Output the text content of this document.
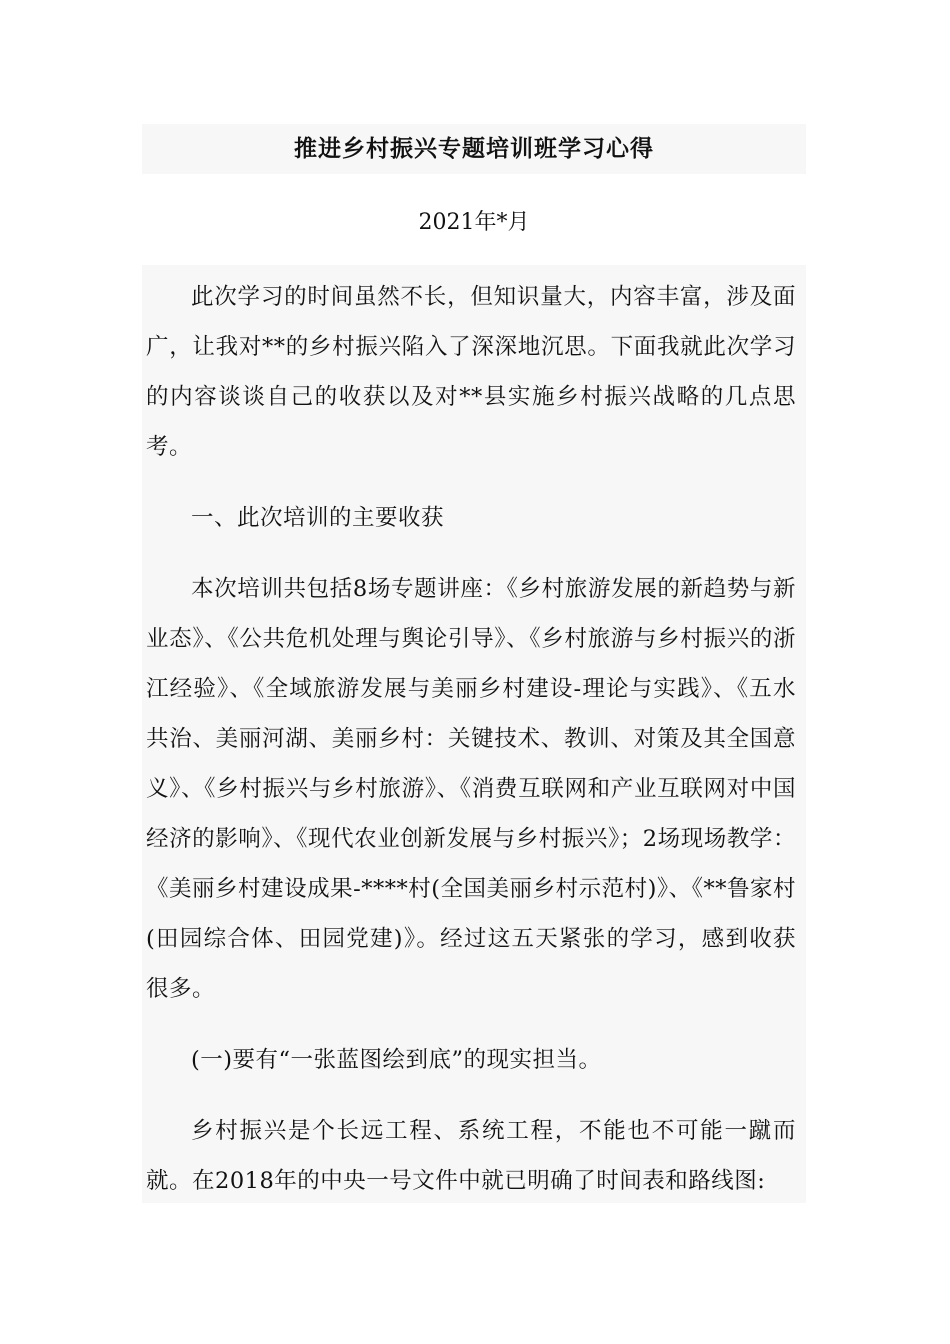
推进乡村振兴专题培训班学习心得
2021年*月

此次学习的时间虽然不长，但知识量大，内容丰富，涉及面广，让我对**的乡村振兴陷入了深深地沉思。下面我就此次学习的内容谈谈自己的收获以及对**县实施乡村振兴战略的几点思考。

一、此次培训的主要收获

本次培训共包括8场专题讲座：《乡村旅游发展的新趋势与新业态》、《公共危机处理与舆论引导》、《乡村旅游与乡村振兴的浙江经验》、《全域旅游发展与美丽乡村建设-理论与实践》、《五水共治、美丽河湖、美丽乡村：关键技术、教训、对策及其全国意义》、《乡村振兴与乡村旅游》、《消费互联网和产业互联网对中国经济的影响》、《现代农业创新发展与乡村振兴》；2场现场教学：《美丽乡村建设成果-****村(全国美丽乡村示范村)》、《**鲁家村(田园综合体、田园党建)》。经过这五天紧张的学习，感到收获很多。

(一)要有“一张蓝图绘到底”的现实担当。

乡村振兴是个长远工程、系统工程，不能也不可能一蹴而就。在2018年的中央一号文件中就已明确了时间表和路线图:
